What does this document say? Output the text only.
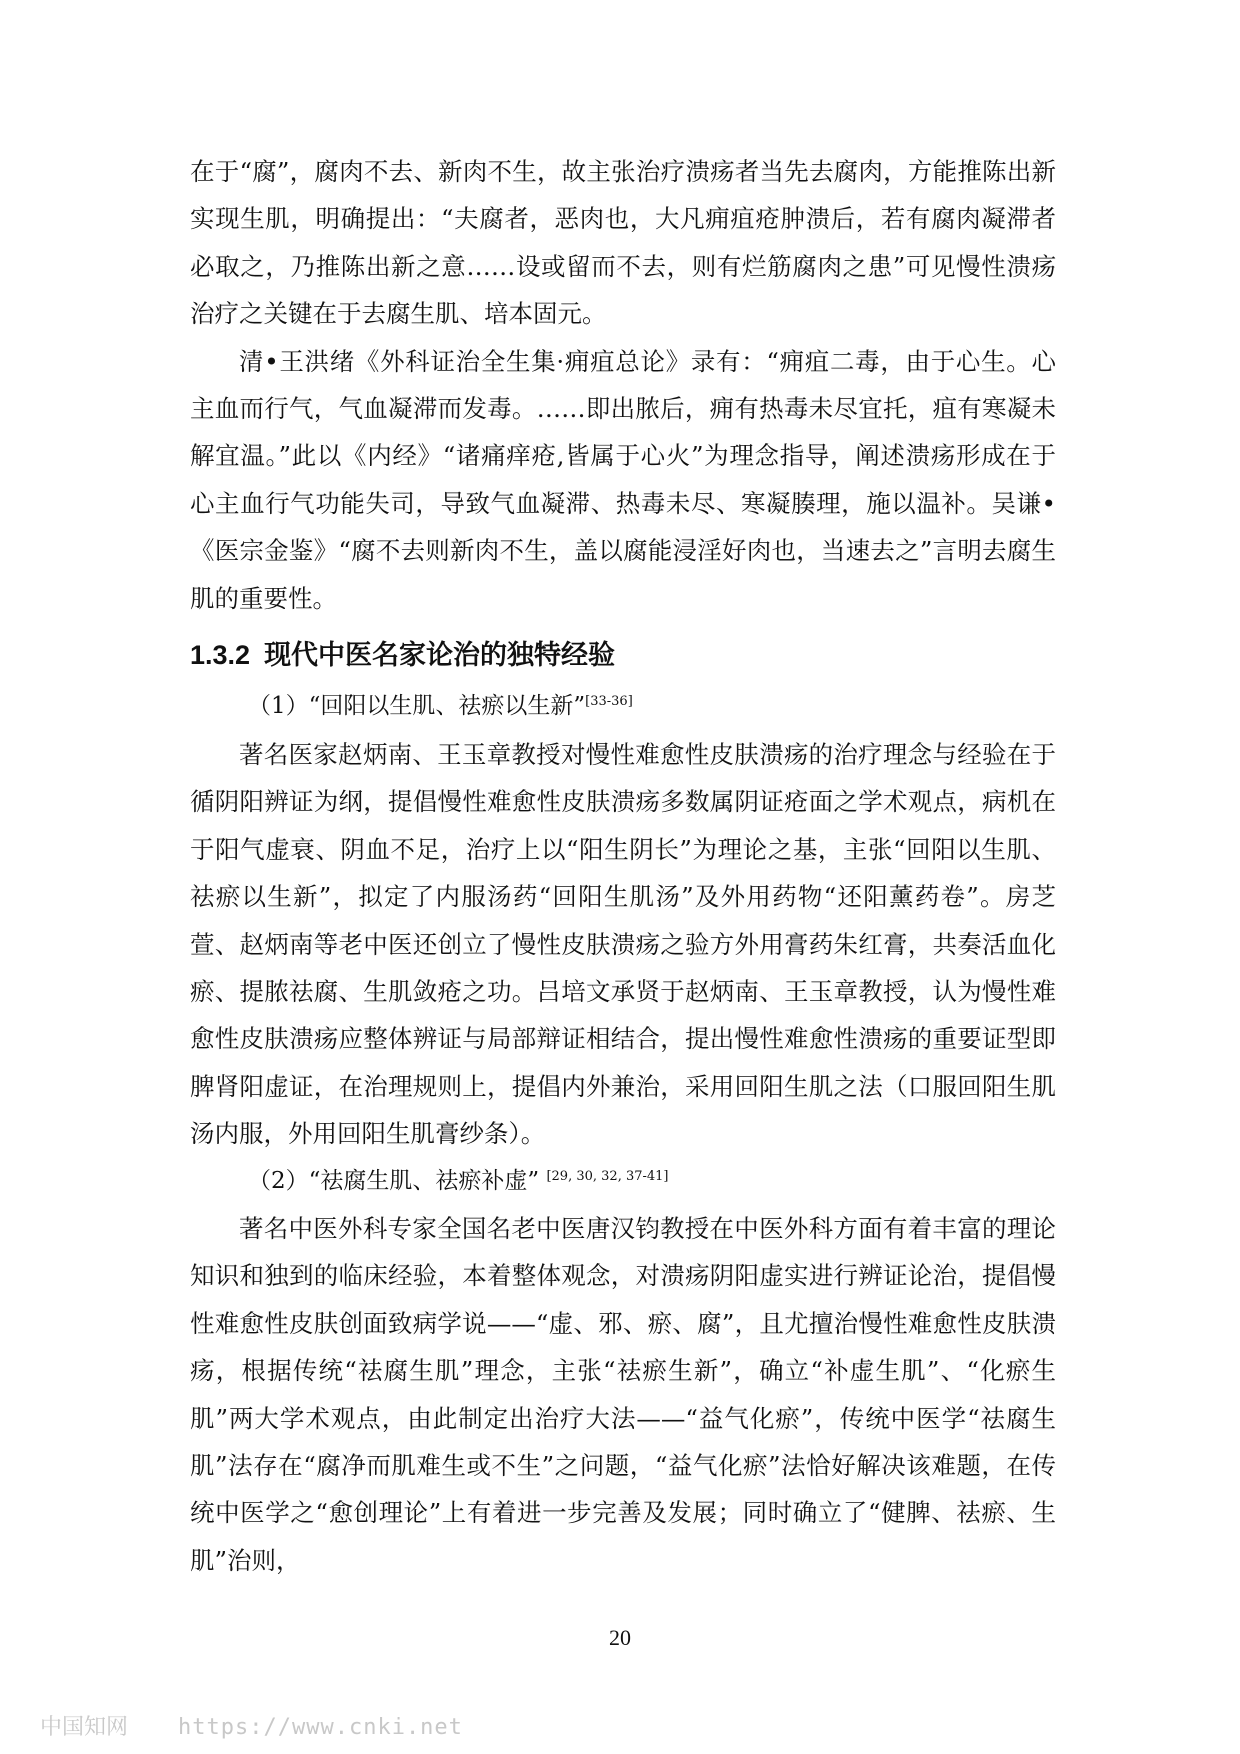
在于“腐”，腐肉不去、新肉不生，故主张治疗溃疡者当先去腐肉，方能推陈出新实现生肌，明确提出：“夫腐者，恶肉也，大凡痈疽疮肿溃后，若有腐肉凝滞者必取之，乃推陈出新之意……设或留而不去，则有烂筋腐肉之患”可见慢性溃疡治疗之关键在于去腐生肌、培本固元。

清•王洪绪《外科证治全生集·痈疽总论》录有：“痈疽二毒，由于心生。心主血而行气，气血凝滞而发毒。……即出脓后，痈有热毒未尽宜托，疽有寒凝未解宜温。”此以《内经》“诸痛痒疮,皆属于心火”为理念指导，阐述溃疡形成在于心主血行气功能失司，导致气血凝滞、热毒未尽、寒凝腠理，施以温补。吴谦•《医宗金鉴》“腐不去则新肉不生，盖以腐能浸淫好肉也，当速去之”言明去腐生肌的重要性。

1.3.2 现代中医名家论治的独特经验

（1）“回阳以生肌、祛瘀以生新”[33-36]

著名医家赵炳南、王玉章教授对慢性难愈性皮肤溃疡的治疗理念与经验在于循阴阳辨证为纲，提倡慢性难愈性皮肤溃疡多数属阴证疮面之学术观点，病机在于阳气虚衰、阴血不足，治疗上以“阳生阴长”为理论之基，主张“回阳以生肌、祛瘀以生新”，拟定了内服汤药“回阳生肌汤”及外用药物“还阳薰药卷”。房芝萱、赵炳南等老中医还创立了慢性皮肤溃疡之验方外用膏药朱红膏，共奏活血化瘀、提脓祛腐、生肌敛疮之功。吕培文承贤于赵炳南、王玉章教授，认为慢性难愈性皮肤溃疡应整体辨证与局部辩证相结合，提出慢性难愈性溃疡的重要证型即脾肾阳虚证，在治理规则上，提倡内外兼治，采用回阳生肌之法（口服回阳生肌汤内服，外用回阳生肌膏纱条）。

（2）“祛腐生肌、祛瘀补虚” [29, 30, 32, 37-41]

著名中医外科专家全国名老中医唐汉钧教授在中医外科方面有着丰富的理论知识和独到的临床经验，本着整体观念，对溃疡阴阳虚实进行辨证论治，提倡慢性难愈性皮肤创面致病学说——“虚、邪、瘀、腐”，且尤擅治慢性难愈性皮肤溃疡，根据传统“祛腐生肌”理念，主张“祛瘀生新”，确立“补虚生肌”、“化瘀生肌”两大学术观点，由此制定出治疗大法——“益气化瘀”，传统中医学“祛腐生肌”法存在“腐净而肌难生或不生”之问题，“益气化瘀”法恰好解决该难题，在传统中医学之“愈创理论”上有着进一步完善及发展；同时确立了“健脾、祛瘀、生肌”治则，

20
中国知网 https://www.cnki.net
